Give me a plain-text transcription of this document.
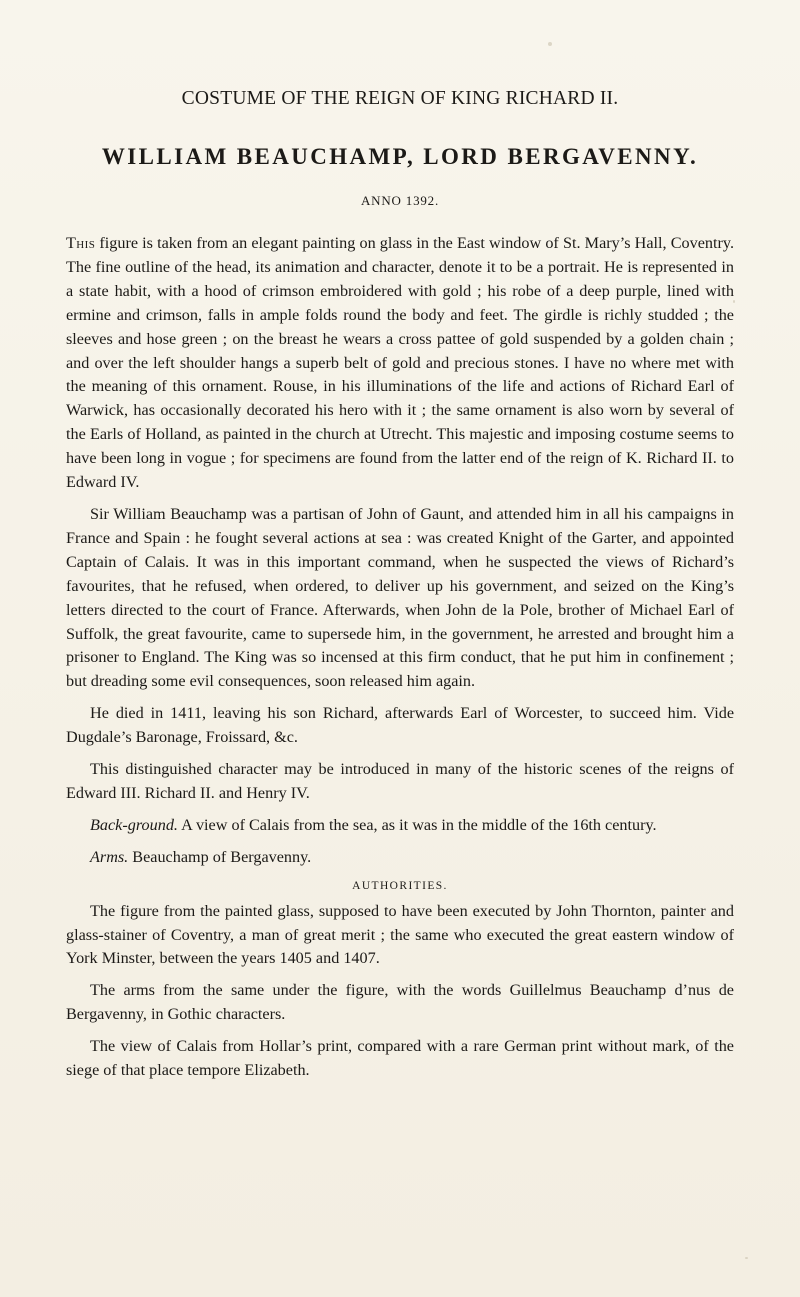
COSTUME OF THE REIGN OF KING RICHARD II.
WILLIAM BEAUCHAMP, LORD BERGAVENNY.
ANNO 1392.

This figure is taken from an elegant painting on glass in the East window of St. Mary’s Hall, Coventry. The fine outline of the head, its animation and character, denote it to be a portrait. He is represented in a state habit, with a hood of crimson embroidered with gold ; his robe of a deep purple, lined with ermine and crimson, falls in ample folds round the body and feet. The girdle is richly studded ; the sleeves and hose green ; on the breast he wears a cross pattee of gold suspended by a golden chain ; and over the left shoulder hangs a superb belt of gold and precious stones. I have no where met with the meaning of this ornament. Rouse, in his illuminations of the life and actions of Richard Earl of Warwick, has occasionally decorated his hero with it ; the same ornament is also worn by several of the Earls of Holland, as painted in the church at Utrecht. This majestic and imposing costume seems to have been long in vogue ; for specimens are found from the latter end of the reign of K. Richard II. to Edward IV.

Sir William Beauchamp was a partisan of John of Gaunt, and attended him in all his campaigns in France and Spain : he fought several actions at sea : was created Knight of the Garter, and appointed Captain of Calais. It was in this important command, when he suspected the views of Richard’s favourites, that he refused, when ordered, to deliver up his government, and seized on the King’s letters directed to the court of France. Afterwards, when John de la Pole, brother of Michael Earl of Suffolk, the great favourite, came to supersede him, in the government, he arrested and brought him a prisoner to England. The King was so incensed at this firm conduct, that he put him in confinement ; but dreading some evil consequences, soon released him again.

He died in 1411, leaving his son Richard, afterwards Earl of Worcester, to succeed him. Vide Dugdale’s Baronage, Froissard, &c.

This distinguished character may be introduced in many of the historic scenes of the reigns of Edward III. Richard II. and Henry IV.

Back-ground. A view of Calais from the sea, as it was in the middle of the 16th century.

Arms. Beauchamp of Bergavenny.

AUTHORITIES.

The figure from the painted glass, supposed to have been executed by John Thornton, painter and glass-stainer of Coventry, a man of great merit ; the same who executed the great eastern window of York Minster, between the years 1405 and 1407.

The arms from the same under the figure, with the words Guillelmus Beauchamp d’nus de Bergavenny, in Gothic characters.

The view of Calais from Hollar’s print, compared with a rare German print without mark, of the siege of that place tempore Elizabeth.
